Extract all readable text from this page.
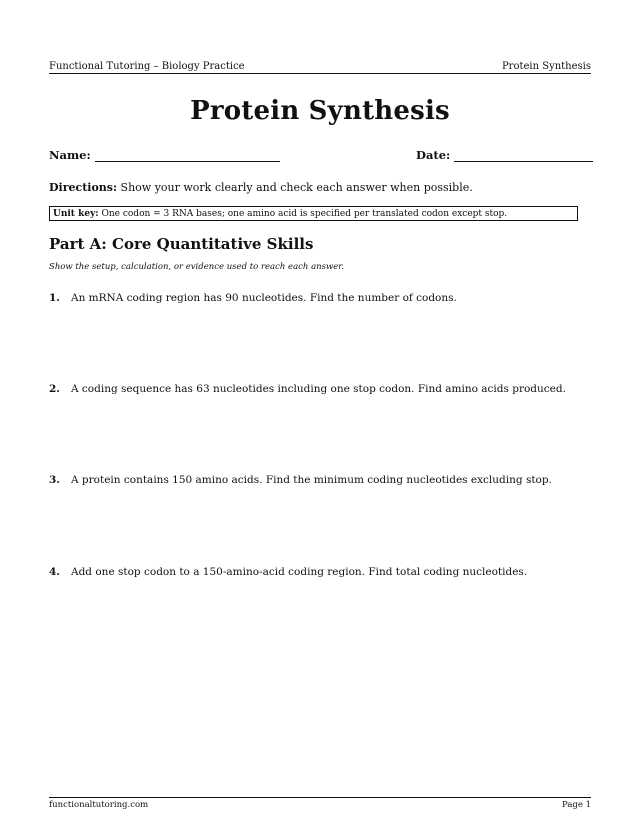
Functional Tutoring – Biology Practice	Protein Synthesis
Protein Synthesis
Name:	Date:
Directions: Show your work clearly and check each answer when possible.
Unit key: One codon = 3 RNA bases; one amino acid is specified per translated codon except stop.
Part A: Core Quantitative Skills
Show the setup, calculation, or evidence used to reach each answer.
1.	An mRNA coding region has 90 nucleotides. Find the number of codons.
2.	A coding sequence has 63 nucleotides including one stop codon. Find amino acids produced.
3.	A protein contains 150 amino acids. Find the minimum coding nucleotides excluding stop.
4.	Add one stop codon to a 150-amino-acid coding region. Find total coding nucleotides.
functionaltutoring.com	Page 1
